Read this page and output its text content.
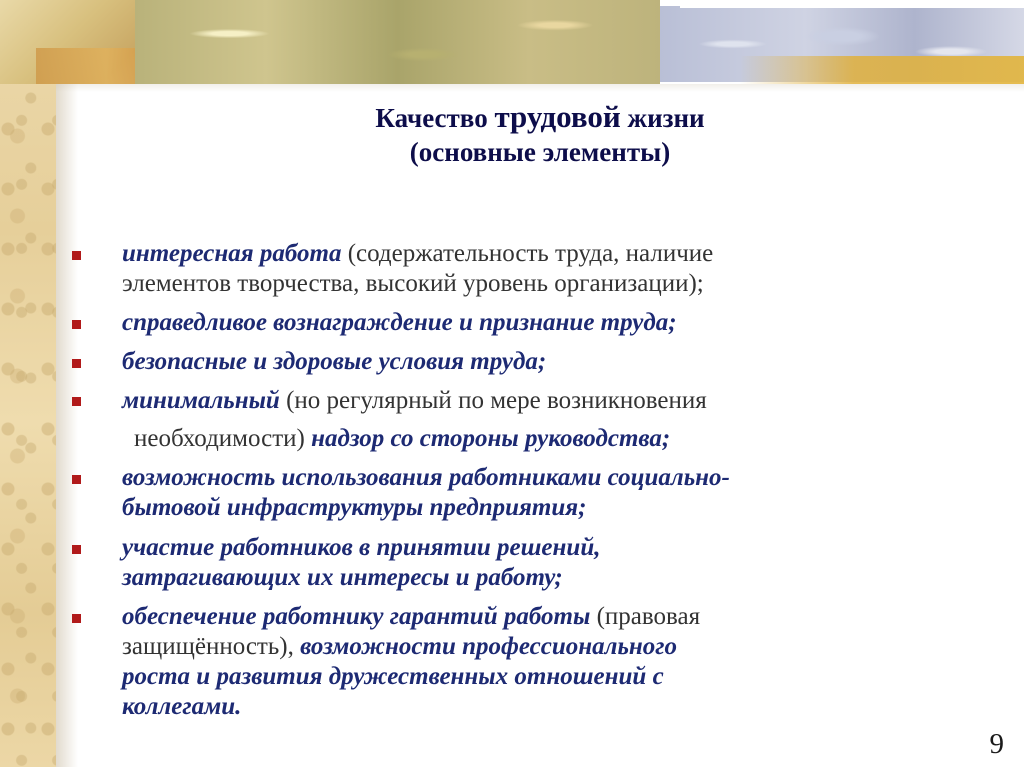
Качество трудовой жизни
(основные элементы)
интересная работа (содержательность труда, наличие
элементов творчества, высокий уровень организации);
справедливое вознаграждение и признание труда;
безопасные и здоровые условия труда;
минимальный (но регулярный по мере возникновения
необходимости) надзор со стороны руководства;
возможность использования работниками социально-
бытовой инфраструктуры предприятия;
участие работников в принятии решений,
затрагивающих их интересы и работу;
обеспечение работнику гарантий работы (правовая
защищённость), возможности профессионального
роста и развития дружественных отношений с
коллегами.
9
